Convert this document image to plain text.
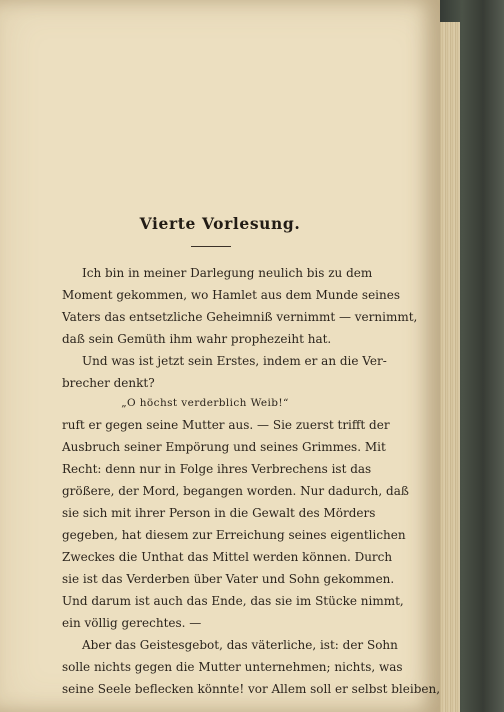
Vierte Vorlesung.
Ich bin in meiner Darlegung neulich bis zu dem
Moment gekommen, wo Hamlet aus dem Munde seines
Vaters das entsetzliche Geheimniß vernimmt — vernimmt,
daß sein Gemüth ihm wahr prophezeiht hat.
Und was ist jetzt sein Erstes, indem er an die Ver-
brecher denkt?
„O höchst verderblich Weib!“
ruft er gegen seine Mutter aus. — Sie zuerst trifft der
Ausbruch seiner Empörung und seines Grimmes. Mit
Recht: denn nur in Folge ihres Verbrechens ist das
größere, der Mord, begangen worden. Nur dadurch, daß
sie sich mit ihrer Person in die Gewalt des Mörders
gegeben, hat diesem zur Erreichung seines eigentlichen
Zweckes die Unthat das Mittel werden können. Durch
sie ist das Verderben über Vater und Sohn gekommen.
Und darum ist auch das Ende, das sie im Stücke nimmt,
ein völlig gerechtes. —
Aber das Geistesgebot, das väterliche, ist: der Sohn
solle nichts gegen die Mutter unternehmen; nichts, was
seine Seele beflecken könnte! vor Allem soll er selbst bleiben,
